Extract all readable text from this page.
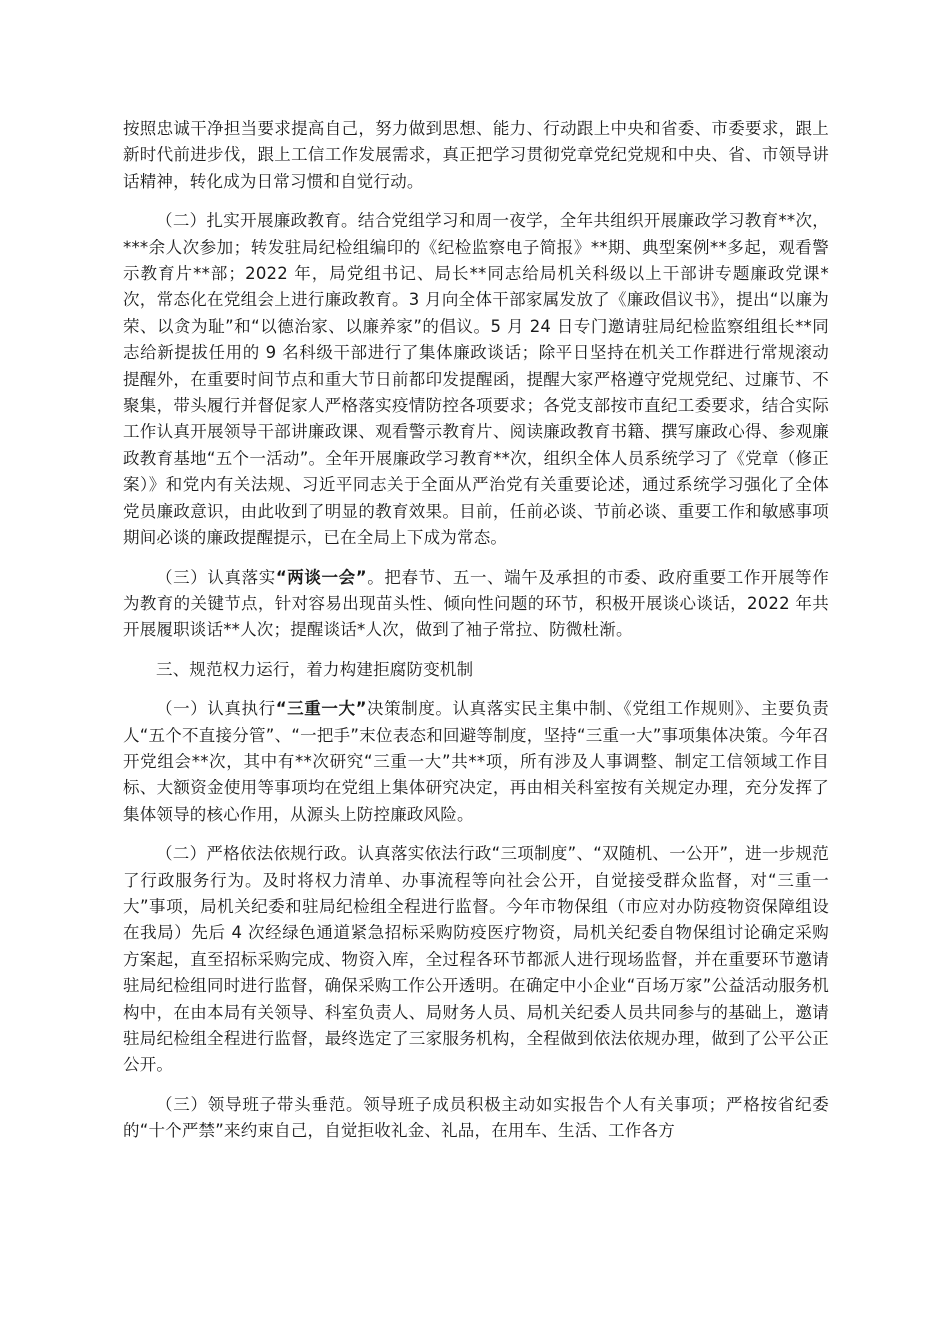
按照忠诚干净担当要求提高自己，努力做到思想、能力、行动跟上中央和省委、市委要求，跟上新时代前进步伐，跟上工信工作发展需求，真正把学习贯彻党章党纪党规和中央、省、市领导讲话精神，转化成为日常习惯和自觉行动。

（二）扎实开展廉政教育。结合党组学习和周一夜学，全年共组织开展廉政学习教育**次，***余人次参加；转发驻局纪检组编印的《纪检监察电子简报》**期、典型案例**多起，观看警示教育片**部；2022 年，局党组书记、局长**同志给局机关科级以上干部讲专题廉政党课*次，常态化在党组会上进行廉政教育。3 月向全体干部家属发放了《廉政倡议书》，提出“以廉为荣、以贪为耻”和“以德治家、以廉养家”的倡议。5 月 24 日专门邀请驻局纪检监察组组长**同志给新提拔任用的 9 名科级干部进行了集体廉政谈话；除平日坚持在机关工作群进行常规滚动提醒外，在重要时间节点和重大节日前都印发提醒函，提醒大家严格遵守党规党纪、过廉节、不聚集，带头履行并督促家人严格落实疫情防控各项要求；各党支部按市直纪工委要求，结合实际工作认真开展领导干部讲廉政课、观看警示教育片、阅读廉政教育书籍、撰写廉政心得、参观廉政教育基地“五个一活动”。全年开展廉政学习教育**次，组织全体人员系统学习了《党章（修正案）》和党内有关法规、习近平同志关于全面从严治党有关重要论述，通过系统学习强化了全体党员廉政意识，由此收到了明显的教育效果。目前，任前必谈、节前必谈、重要工作和敏感事项期间必谈的廉政提醒提示，已在全局上下成为常态。

（三）认真落实“两谈一会”。把春节、五一、端午及承担的市委、政府重要工作开展等作为教育的关键节点，针对容易出现苗头性、倾向性问题的环节，积极开展谈心谈话，2022 年共开展履职谈话**人次；提醒谈话*人次，做到了袖子常拉、防微杜渐。

三、规范权力运行，着力构建拒腐防变机制

（一）认真执行“三重一大”决策制度。认真落实民主集中制、《党组工作规则》、主要负责人“五个不直接分管”、“一把手”末位表态和回避等制度，坚持“三重一大”事项集体决策。今年召开党组会**次，其中有**次研究“三重一大”共**项，所有涉及人事调整、制定工信领域工作目标、大额资金使用等事项均在党组上集体研究决定，再由相关科室按有关规定办理，充分发挥了集体领导的核心作用，从源头上防控廉政风险。

（二）严格依法依规行政。认真落实依法行政“三项制度”、“双随机、一公开”，进一步规范了行政服务行为。及时将权力清单、办事流程等向社会公开，自觉接受群众监督，对“三重一大”事项，局机关纪委和驻局纪检组全程进行监督。今年市物保组（市应对办防疫物资保障组设在我局）先后 4 次经绿色通道紧急招标采购防疫医疗物资，局机关纪委自物保组讨论确定采购方案起，直至招标采购完成、物资入库，全过程各环节都派人进行现场监督，并在重要环节邀请驻局纪检组同时进行监督，确保采购工作公开透明。在确定中小企业“百场万家”公益活动服务机构中，在由本局有关领导、科室负责人、局财务人员、局机关纪委人员共同参与的基础上，邀请驻局纪检组全程进行监督，最终选定了三家服务机构，全程做到依法依规办理，做到了公平公正公开。

（三）领导班子带头垂范。领导班子成员积极主动如实报告个人有关事项；严格按省纪委的“十个严禁”来约束自己，自觉拒收礼金、礼品，在用车、生活、工作各方
